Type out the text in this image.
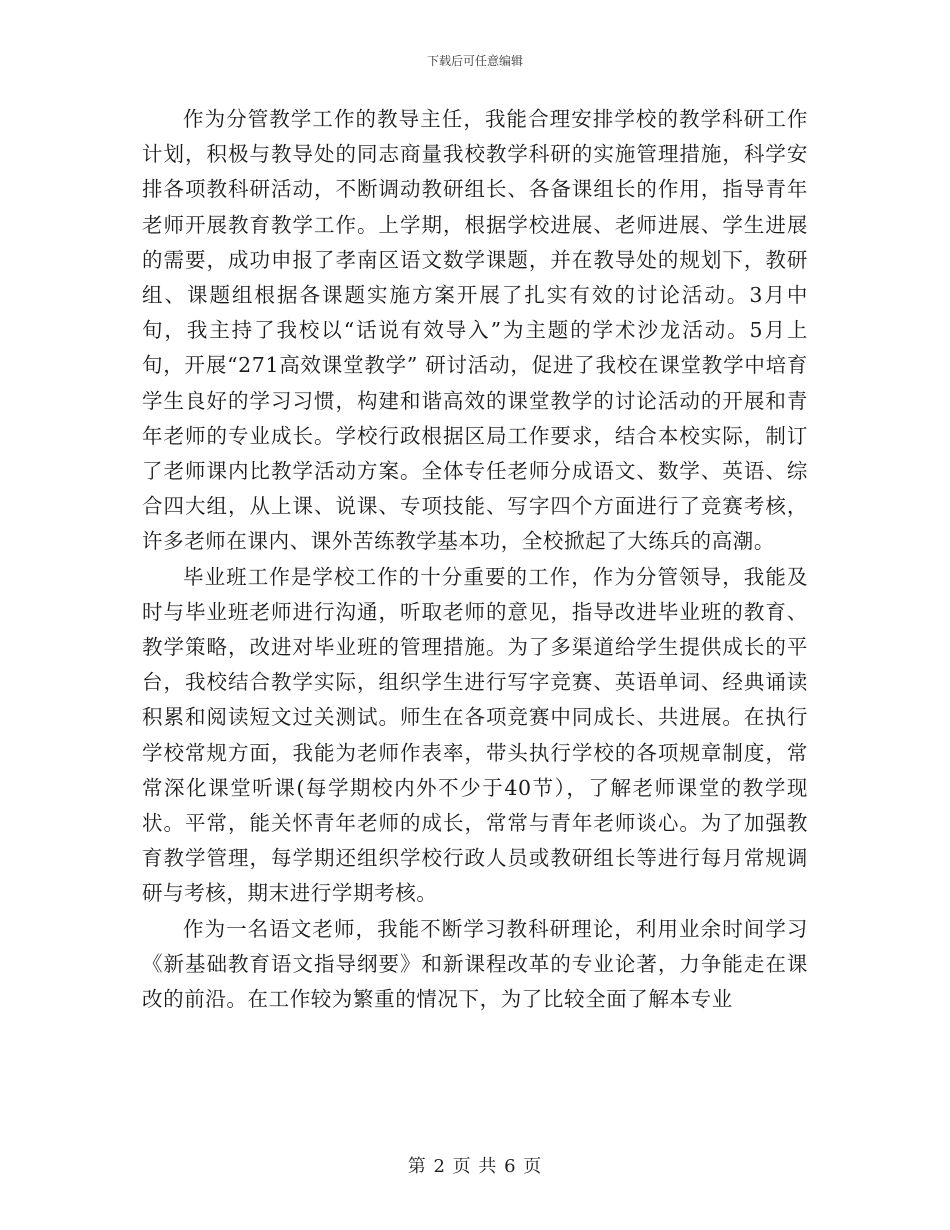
下载后可任意编辑

作为分管教学工作的教导主任，我能合理安排学校的教学科研工作计划，积极与教导处的同志商量我校教学科研的实施管理措施，科学安排各项教科研活动，不断调动教研组长、各备课组长的作用，指导青年老师开展教育教学工作。上学期，根据学校进展、老师进展、学生进展的需要，成功申报了孝南区语文数学课题，并在教导处的规划下，教研组、课题组根据各课题实施方案开展了扎实有效的讨论活动。3月中旬，我主持了我校以“话说有效导入”为主题的学术沙龙活动。5月上旬，开展“271高效课堂教学” 研讨活动，促进了我校在课堂教学中培育学生良好的学习习惯，构建和谐高效的课堂教学的讨论活动的开展和青年老师的专业成长。学校行政根据区局工作要求，结合本校实际，制订了老师课内比教学活动方案。全体专任老师分成语文、数学、英语、综合四大组，从上课、说课、专项技能、写字四个方面进行了竞赛考核，许多老师在课内、课外苦练教学基本功，全校掀起了大练兵的高潮。

毕业班工作是学校工作的十分重要的工作，作为分管领导，我能及时与毕业班老师进行沟通，听取老师的意见，指导改进毕业班的教育、教学策略，改进对毕业班的管理措施。为了多渠道给学生提供成长的平台，我校结合教学实际，组织学生进行写字竞赛、英语单词、经典诵读积累和阅读短文过关测试。师生在各项竞赛中同成长、共进展。在执行学校常规方面，我能为老师作表率，带头执行学校的各项规章制度，常常深化课堂听课(每学期校内外不少于40节），了解老师课堂的教学现状。平常，能关怀青年老师的成长，常常与青年老师谈心。为了加强教育教学管理，每学期还组织学校行政人员或教研组长等进行每月常规调研与考核，期末进行学期考核。

作为一名语文老师，我能不断学习教科研理论，利用业余时间学习《新基础教育语文指导纲要》和新课程改革的专业论著，力争能走在课改的前沿。在工作较为繁重的情况下，为了比较全面了解本专业

第 2 页 共 6 页
